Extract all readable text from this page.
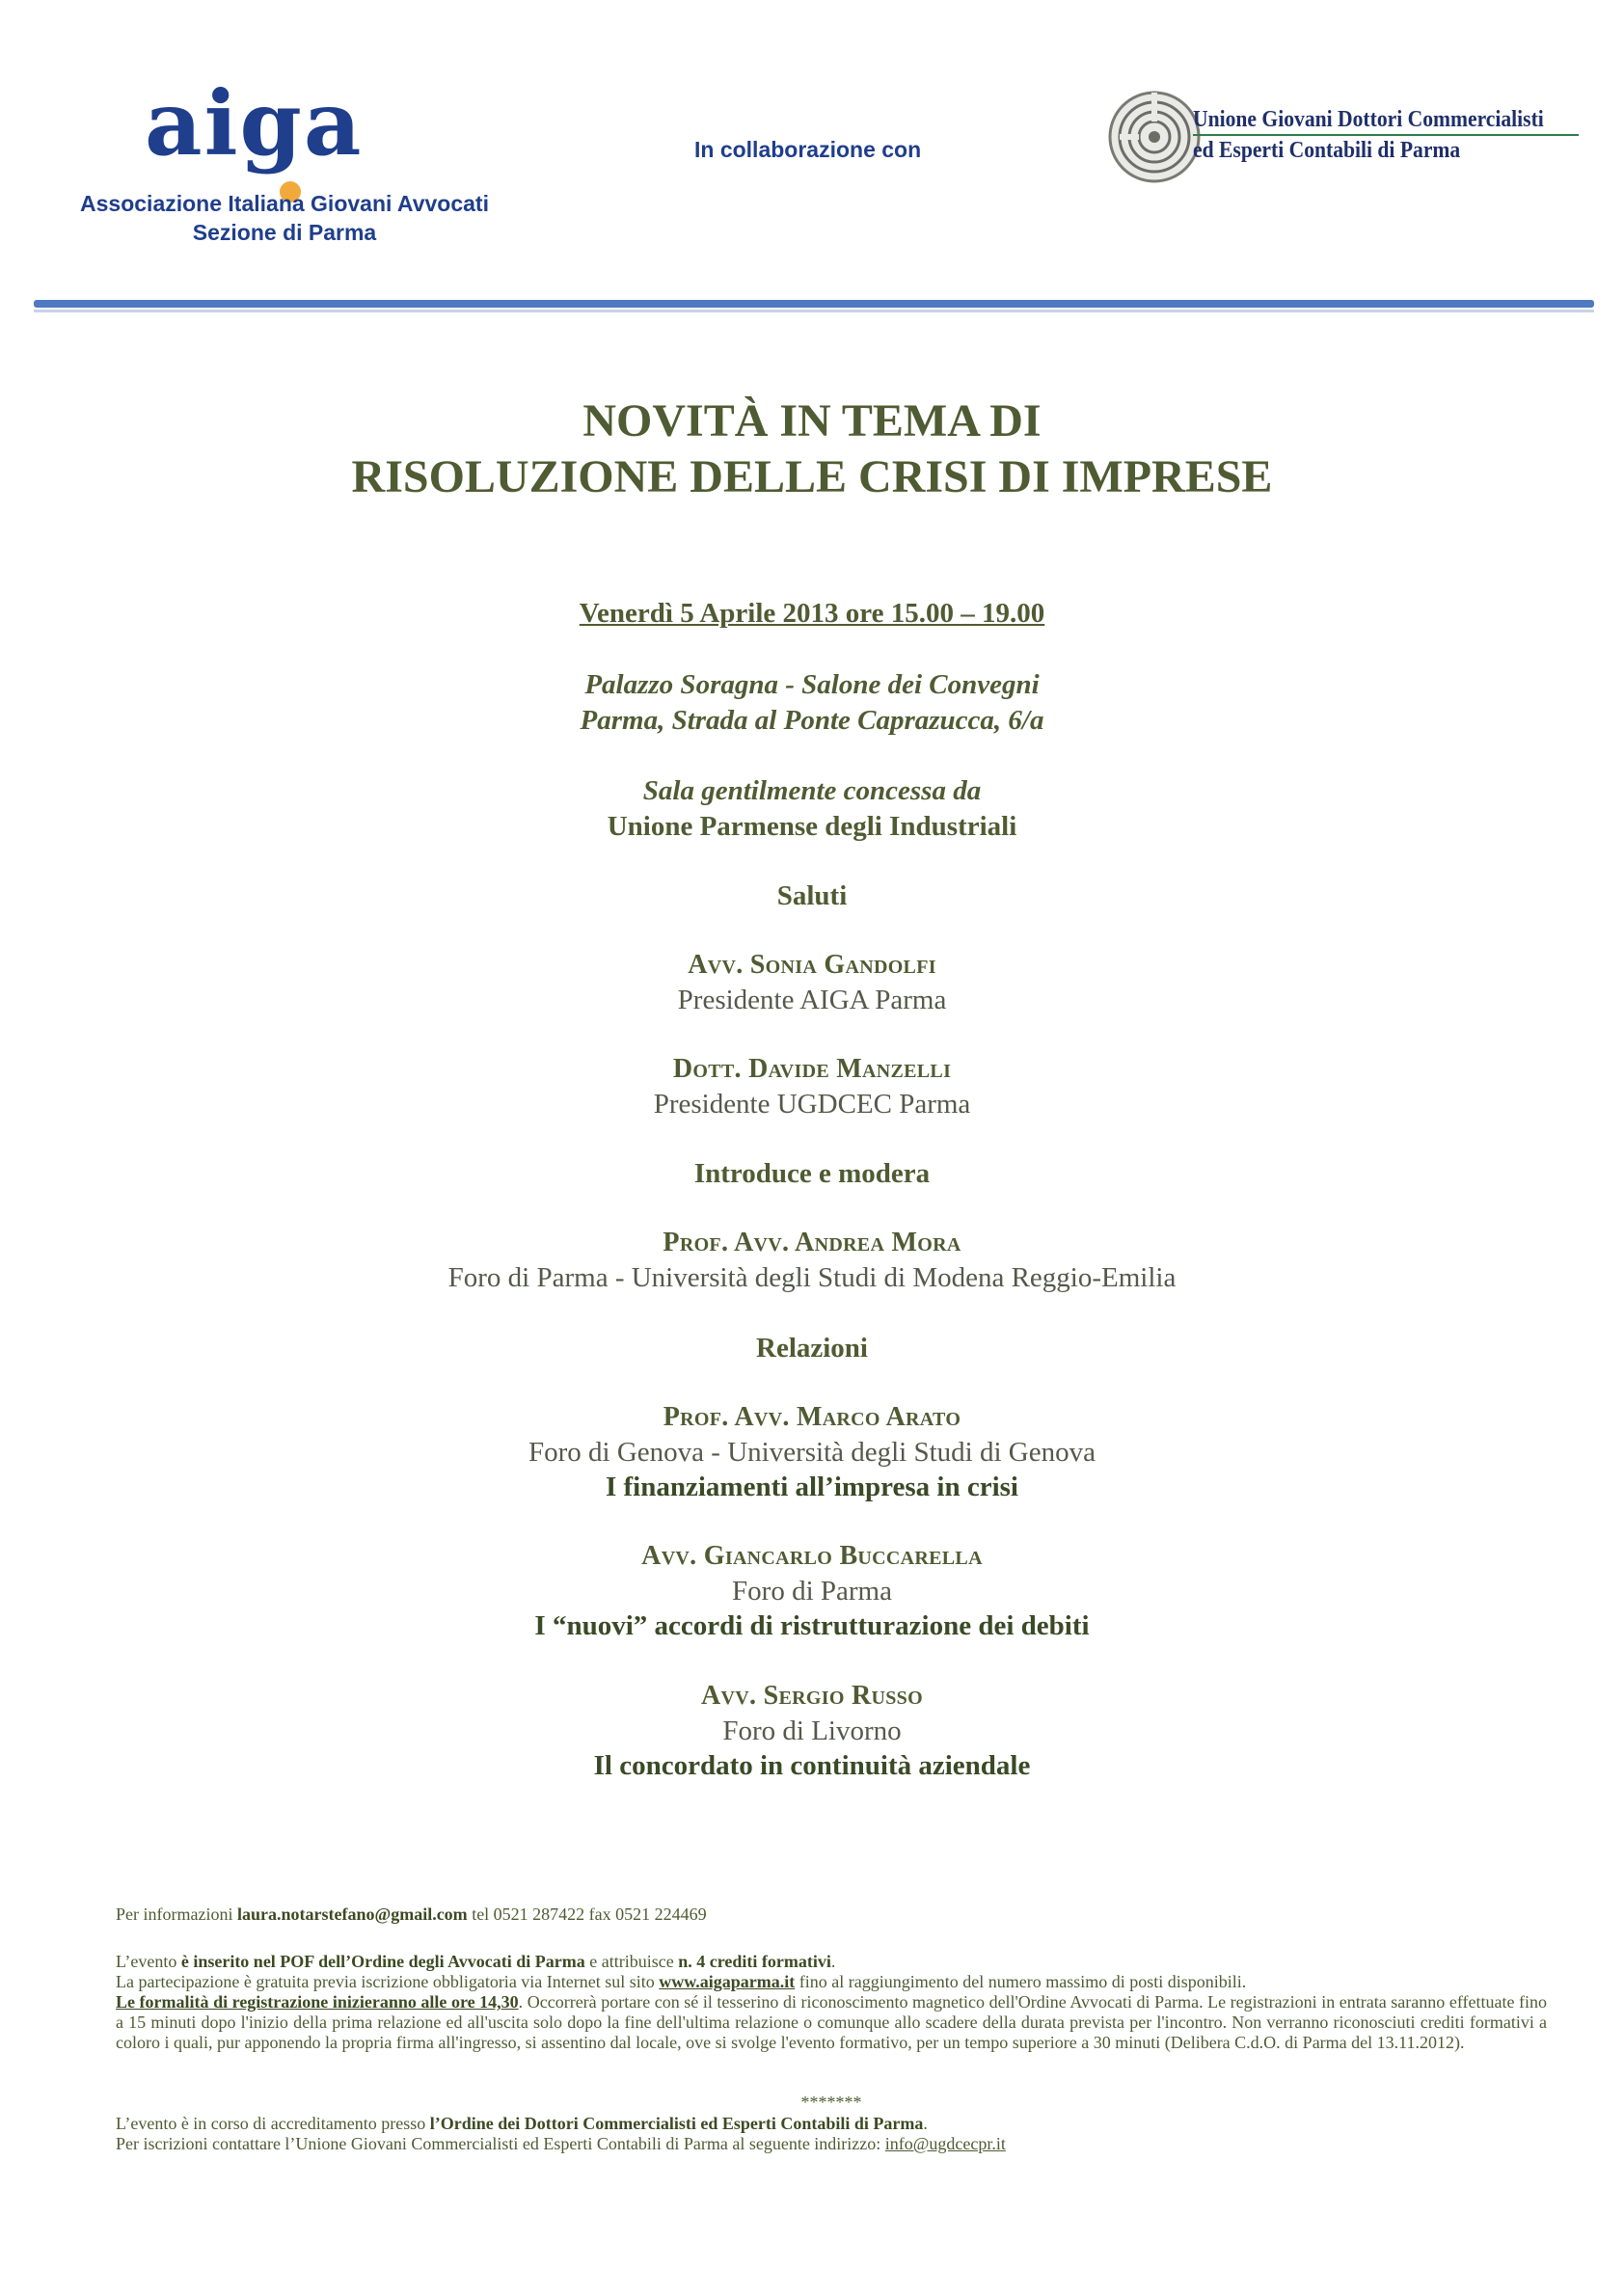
aiga
Associazione Italiana Giovani Avvocati
Sezione di Parma
In collaborazione con
Unione Giovani Dottori Commercialisti
ed Esperti Contabili di Parma
NOVITÀ IN TEMA DI
RISOLUZIONE DELLE CRISI DI IMPRESE
Venerdì 5 Aprile 2013 ore 15.00 – 19.00
Palazzo Soragna - Salone dei Convegni
Parma, Strada al Ponte Caprazucca, 6/a
Sala gentilmente concessa da
Unione Parmense degli Industriali
Saluti
Avv. Sonia Gandolfi
Presidente AIGA Parma
Dott. Davide Manzelli
Presidente UGDCEC Parma
Introduce e modera
Prof. Avv. Andrea Mora
Foro di Parma - Università degli Studi di Modena Reggio-Emilia
Relazioni
Prof. Avv. Marco Arato
Foro di Genova - Università degli Studi di Genova
I finanziamenti all’impresa in crisi
Avv. Giancarlo Buccarella
Foro di Parma
I “nuovi” accordi di ristrutturazione dei debiti
Avv. Sergio Russo
Foro di Livorno
Il concordato in continuità aziendale
Per informazioni laura.notarstefano@gmail.com tel 0521 287422 fax 0521 224469
L’evento è inserito nel POF dell’Ordine degli Avvocati di Parma e attribuisce n. 4 crediti formativi.
La partecipazione è gratuita previa iscrizione obbligatoria via Internet sul sito www.aigaparma.it fino al raggiungimento del numero massimo di posti disponibili.
Le formalità di registrazione inizieranno alle ore 14,30. Occorrerà portare con sé il tesserino di riconoscimento magnetico dell'Ordine Avvocati di Parma. Le registrazioni in entrata saranno effettuate fino a 15 minuti dopo l'inizio della prima relazione ed all'uscita solo dopo la fine dell'ultima relazione o comunque allo scadere della durata prevista per l'incontro. Non verranno riconosciuti crediti formativi a coloro i quali, pur apponendo la propria firma all'ingresso, si assentino dal locale, ove si svolge l'evento formativo, per un tempo superiore a 30 minuti (Delibera C.d.O. di Parma del 13.11.2012).
*******
L’evento è in corso di accreditamento presso l’Ordine dei Dottori Commercialisti ed Esperti Contabili di Parma.
Per iscrizioni contattare l’Unione Giovani Commercialisti ed Esperti Contabili di Parma al seguente indirizzo: info@ugdcecpr.it
